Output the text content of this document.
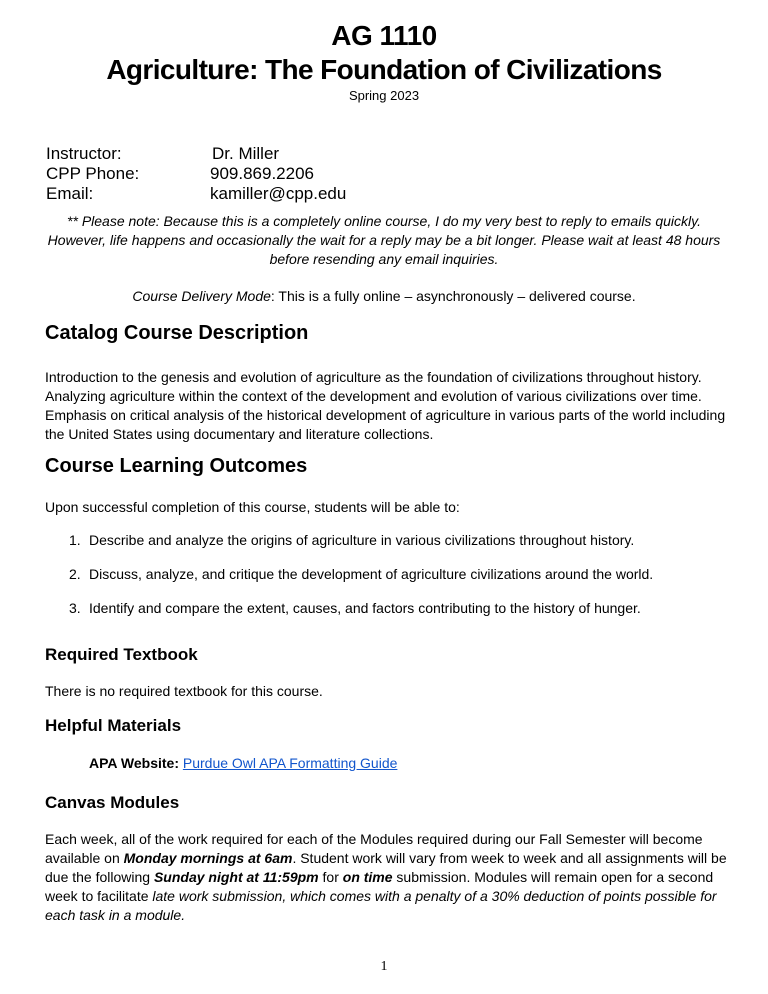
AG 1110
Agriculture: The Foundation of Civilizations
Spring 2023
Instructor:	Dr. Miller
CPP Phone:	909.869.2206
Email:	kamiller@cpp.edu
** Please note: Because this is a completely online course, I do my very best to reply to emails quickly. However, life happens and occasionally the wait for a reply may be a bit longer. Please wait at least 48 hours before resending any email inquiries.
Course Delivery Mode: This is a fully online – asynchronously – delivered course.
Catalog Course Description
Introduction to the genesis and evolution of agriculture as the foundation of civilizations throughout history. Analyzing agriculture within the context of the development and evolution of various civilizations over time. Emphasis on critical analysis of the historical development of agriculture in various parts of the world including the United States using documentary and literature collections.
Course Learning Outcomes
Upon successful completion of this course, students will be able to:
1. Describe and analyze the origins of agriculture in various civilizations throughout history.
2. Discuss, analyze, and critique the development of agriculture civilizations around the world.
3. Identify and compare the extent, causes, and factors contributing to the history of hunger.
Required Textbook
There is no required textbook for this course.
Helpful Materials
APA Website: Purdue Owl APA Formatting Guide
Canvas Modules
Each week, all of the work required for each of the Modules required during our Fall Semester will become available on Monday mornings at 6am. Student work will vary from week to week and all assignments will be due the following Sunday night at 11:59pm for on time submission. Modules will remain open for a second week to facilitate late work submission, which comes with a penalty of a 30% deduction of points possible for each task in a module.
1
